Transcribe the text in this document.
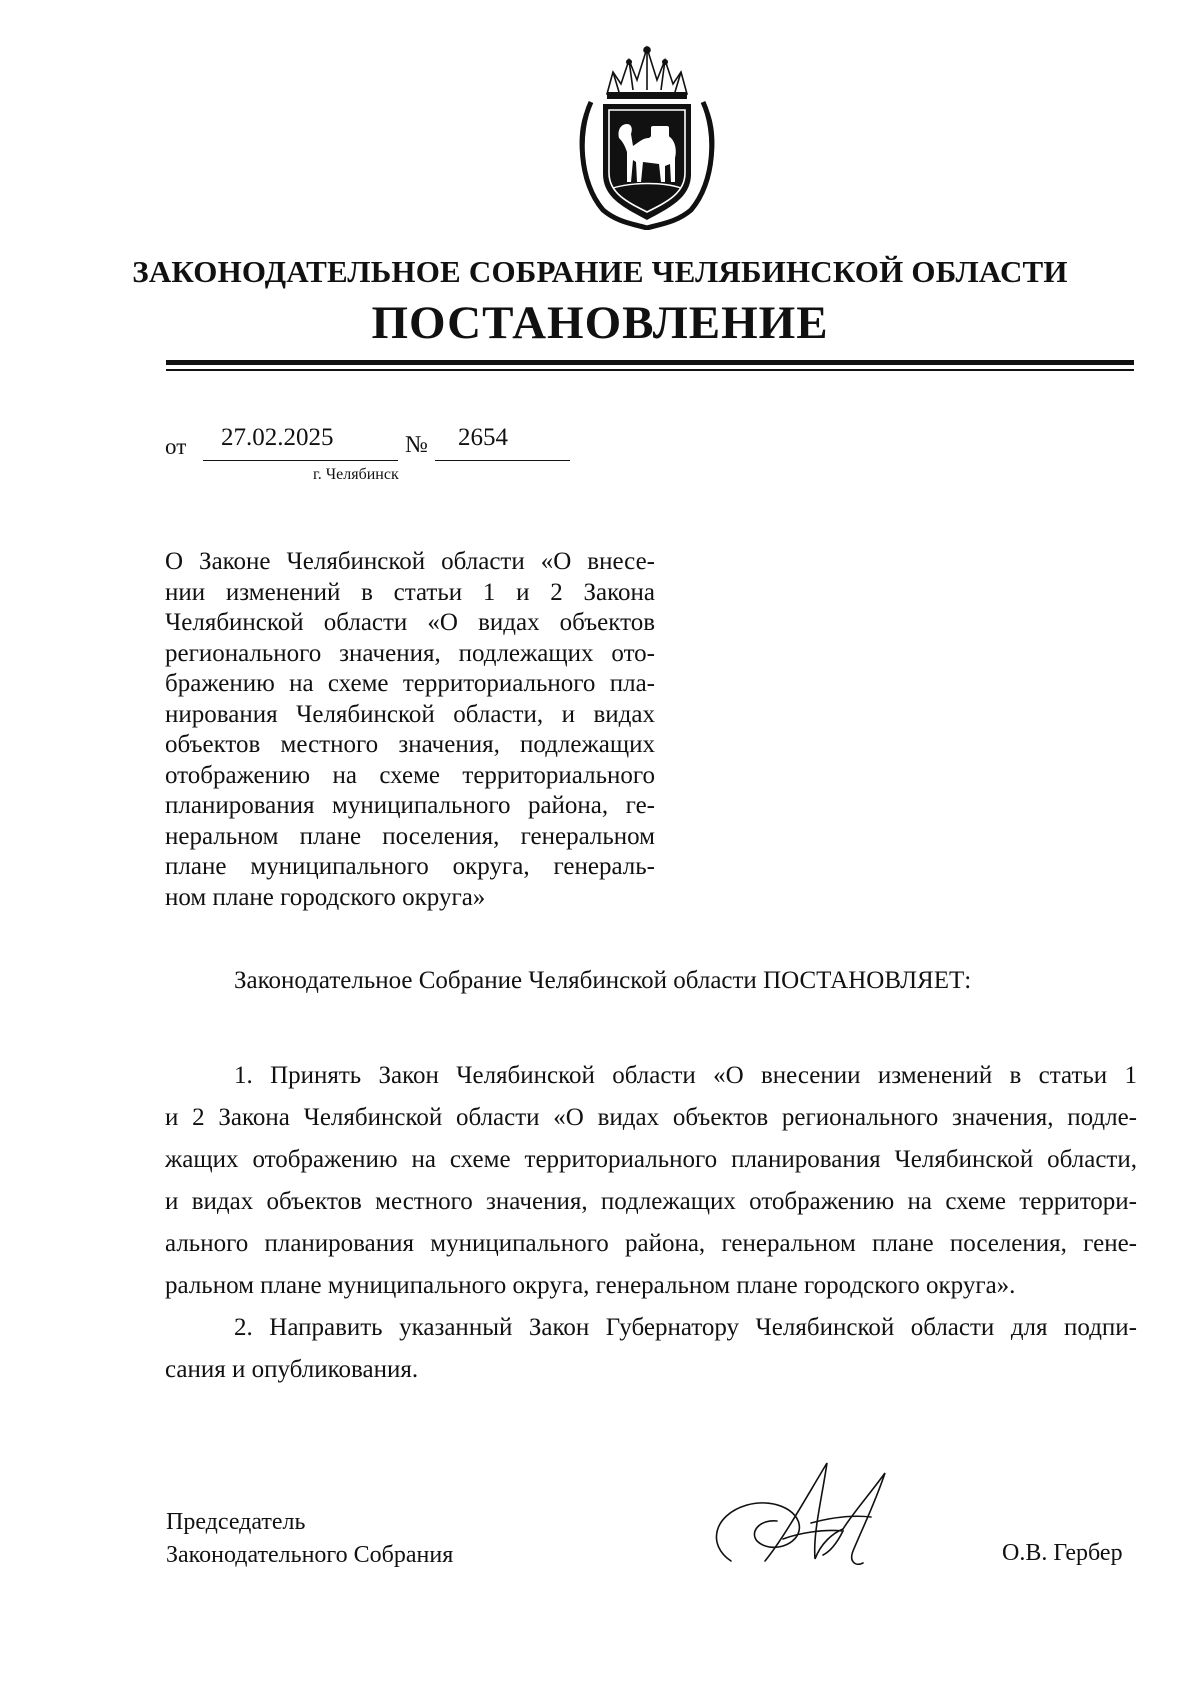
ЗАКОНОДАТЕЛЬНОЕ СОБРАНИЕ ЧЕЛЯБИНСКОЙ ОБЛАСТИ
ПОСТАНОВЛЕНИЕ
от 27.02.2025	№ 2654
г. Челябинск
О Законе Челябинской области «О внесе-
нии изменений в статьи 1 и 2 Закона
Челябинской области «О видах объектов
регионального значения, подлежащих ото-
бражению на схеме территориального пла-
нирования Челябинской области, и видах
объектов местного значения, подлежащих
отображению на схеме территориального
планирования муниципального района, ге-
неральном плане поселения, генеральном
плане муниципального округа, генераль-
ном плане городского округа»
Законодательное Собрание Челябинской области ПОСТАНОВЛЯЕТ:
1. Принять Закон Челябинской области «О внесении изменений в статьи 1
и 2 Закона Челябинской области «О видах объектов регионального значения, подле-
жащих отображению на схеме территориального планирования Челябинской области,
и видах объектов местного значения, подлежащих отображению на схеме территори-
ального планирования муниципального района, генеральном плане поселения, гене-
ральном плане муниципального округа, генеральном плане городского округа».
2. Направить указанный Закон Губернатору Челябинской области для подпи-
сания и опубликования.
Председатель
Законодательного Собрания	О.В. Гербер
